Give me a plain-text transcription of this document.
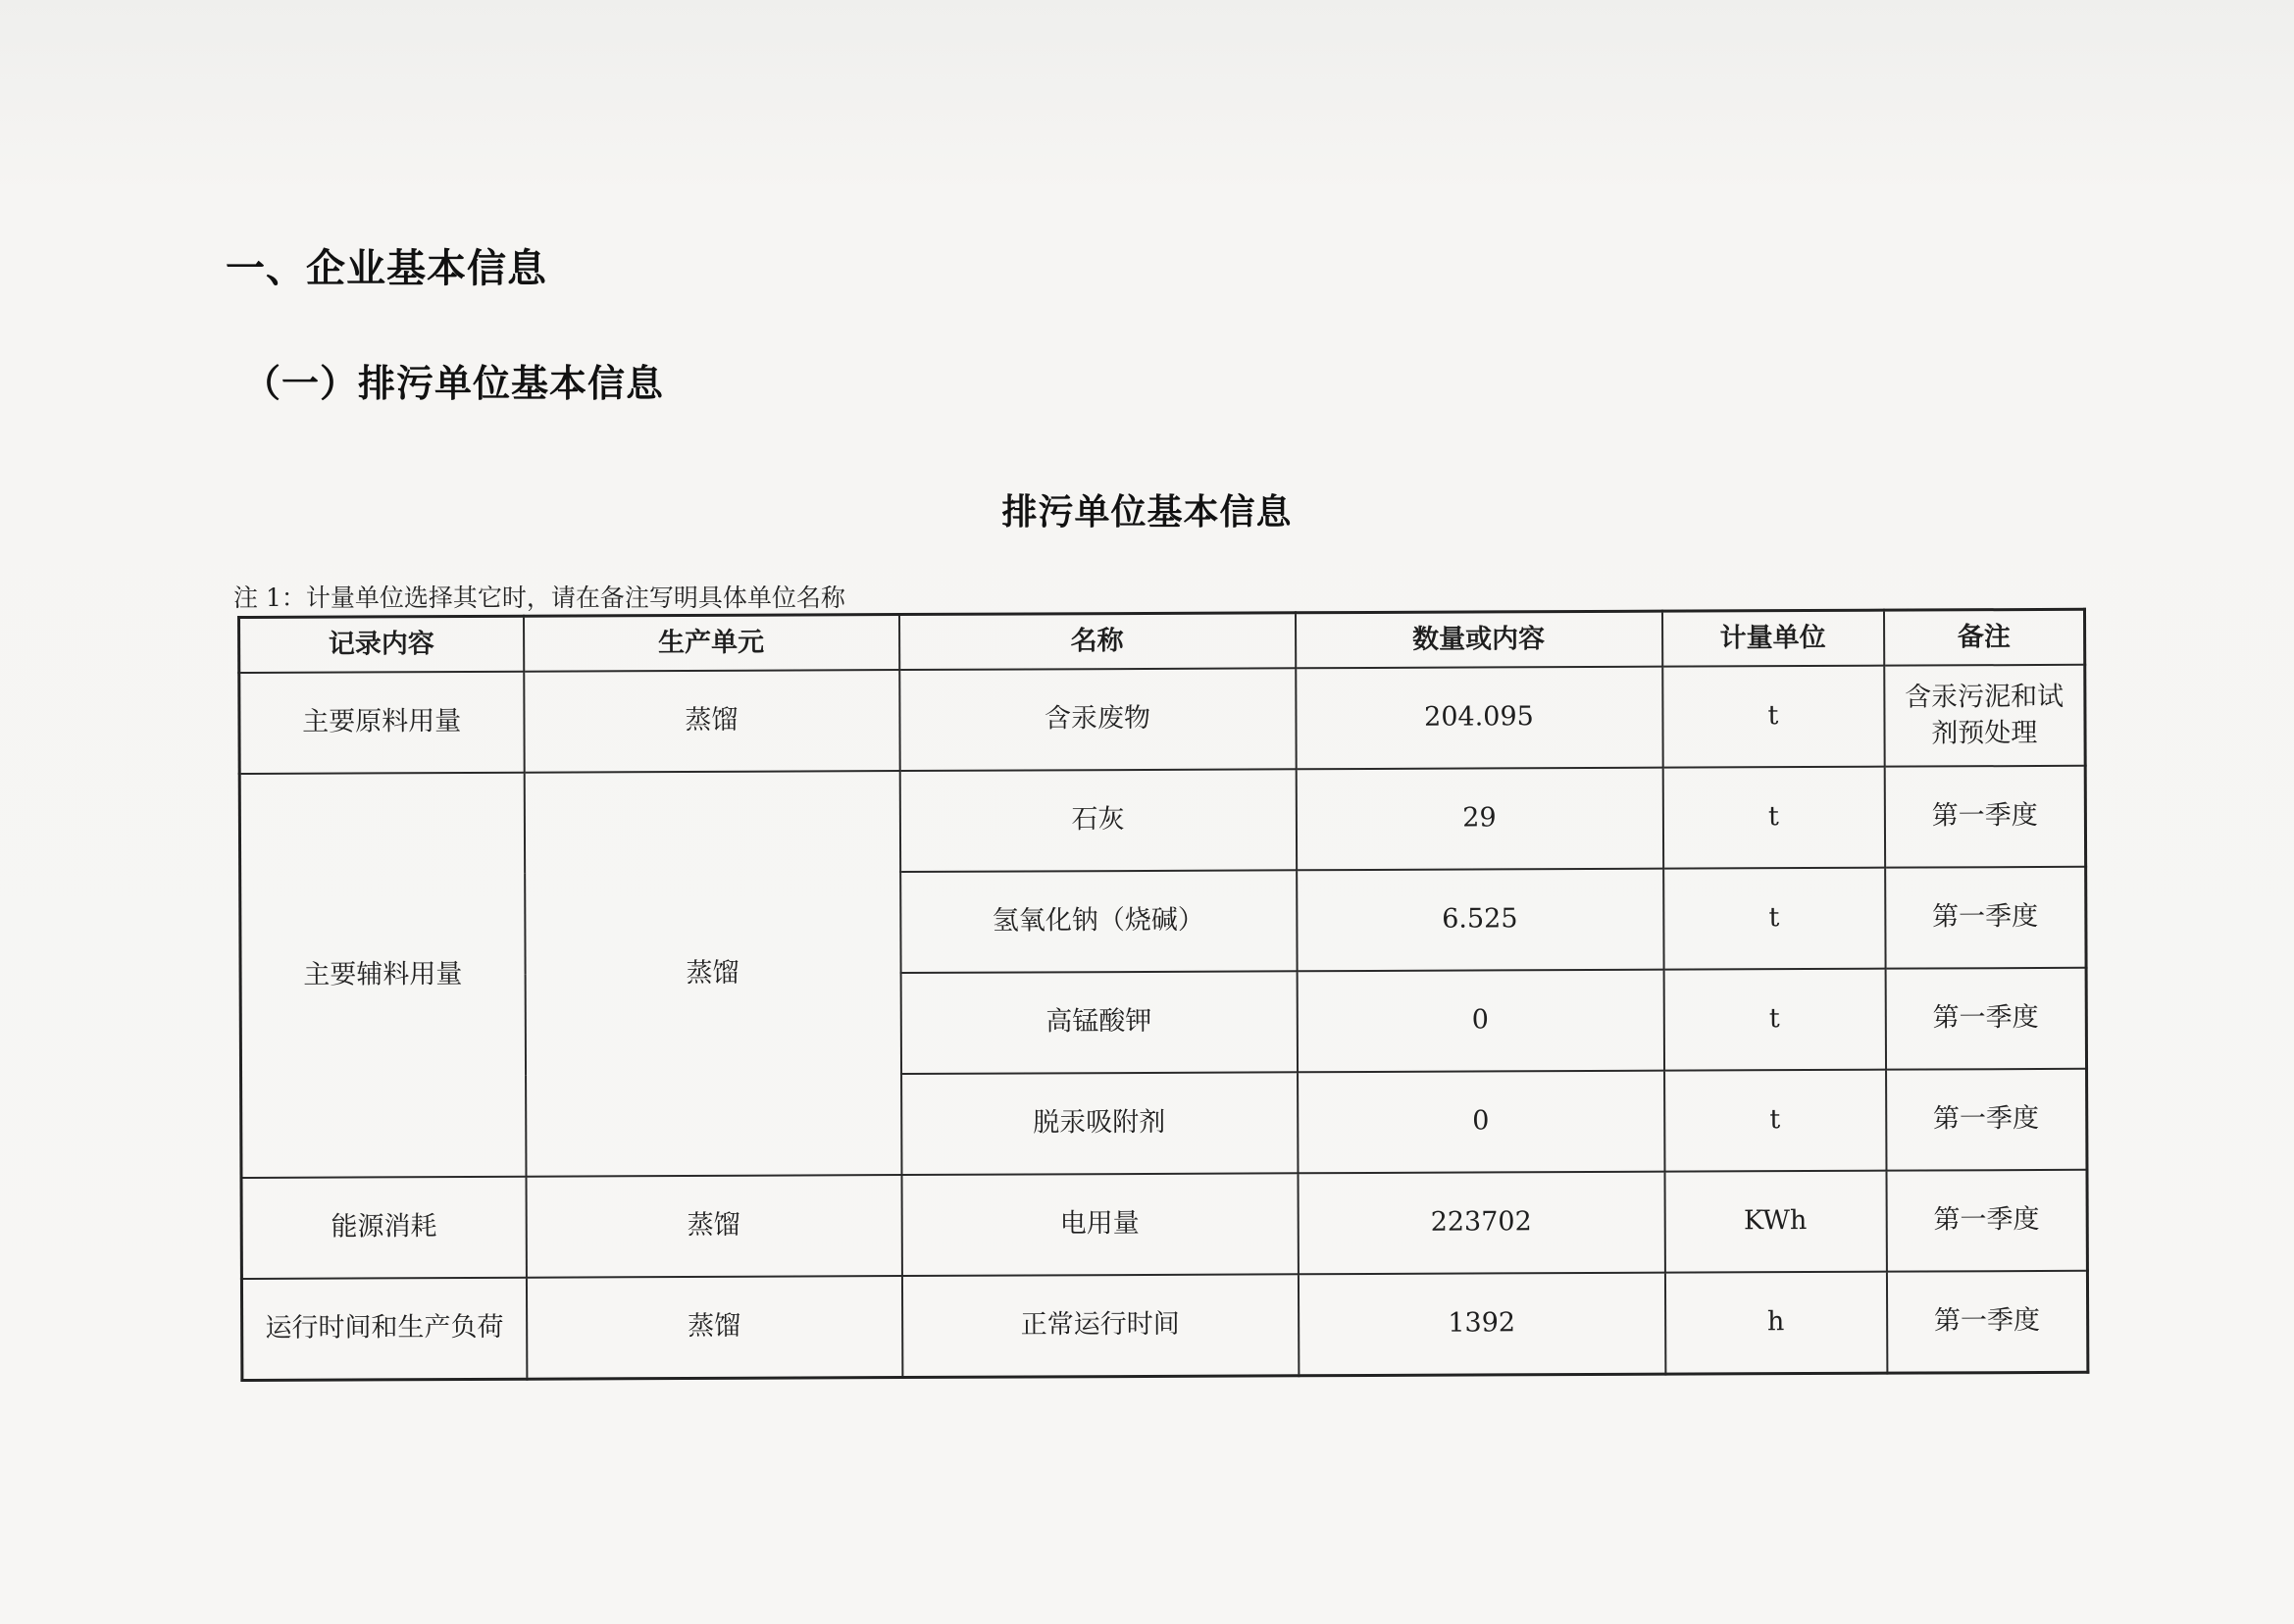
一、企业基本信息
（一）排污单位基本信息
排污单位基本信息
注 1：计量单位选择其它时，请在备注写明具体单位名称
记录内容	生产单元	名称	数量或内容	计量单位	备注
主要原料用量	蒸馏	含汞废物	204.095	t	含汞污泥和试剂预处理
主要辅料用量	蒸馏	石灰	29	t	第一季度
		氢氧化钠（烧碱）	6.525	t	第一季度
		高锰酸钾	0	t	第一季度
		脱汞吸附剂	0	t	第一季度
能源消耗	蒸馏	电用量	223702	KWh	第一季度
运行时间和生产负荷	蒸馏	正常运行时间	1392	h	第一季度
